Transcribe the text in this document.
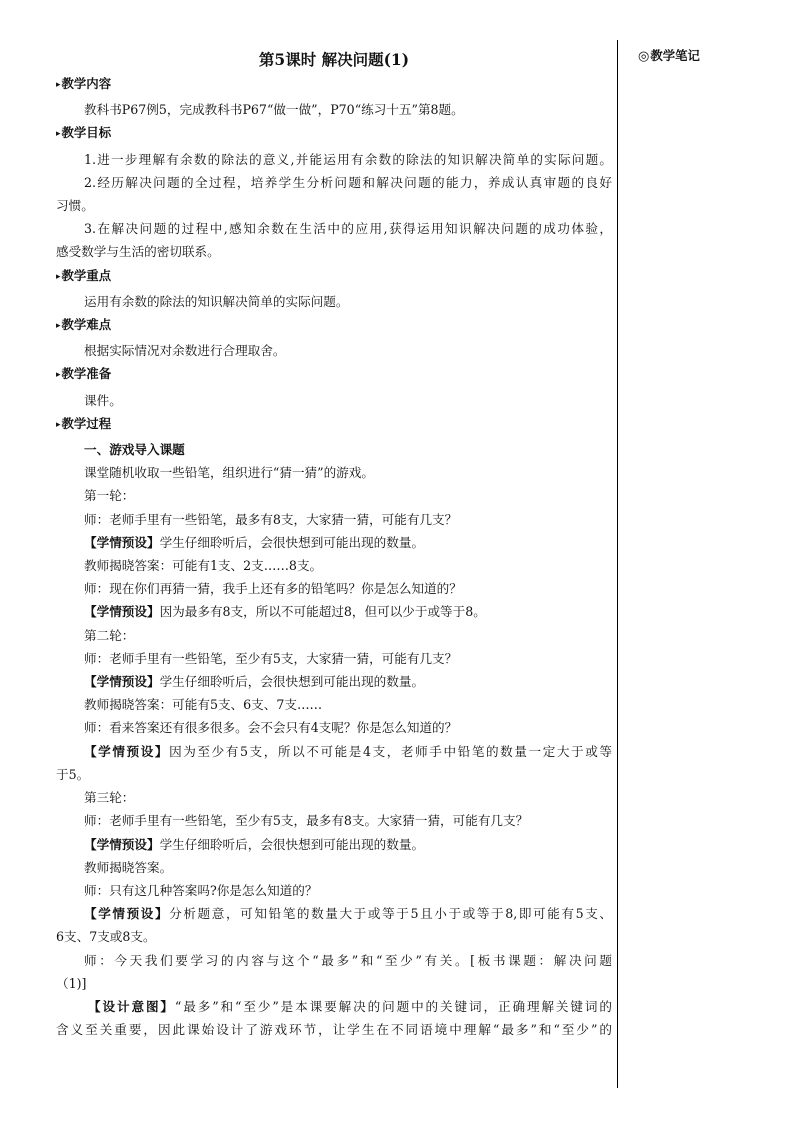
第5课时 解决问题(1)
▸教学内容
教科书P67例5，完成教科书P67“做一做”，P70“练习十五”第8题。
▸教学目标
1.进一步理解有余数的除法的意义,并能运用有余数的除法的知识解决简单的实际问题。
2.经历解决问题的全过程，培养学生分析问题和解决问题的能力，养成认真审题的良好
习惯。
3.在解决问题的过程中,感知余数在生活中的应用,获得运用知识解决问题的成功体验，
感受数学与生活的密切联系。
▸教学重点
运用有余数的除法的知识解决简单的实际问题。
▸教学难点
根据实际情况对余数进行合理取舍。
▸教学准备
课件。
▸教学过程
一、游戏导入课题
课堂随机收取一些铅笔，组织进行“猜一猜”的游戏。
第一轮：
师：老师手里有一些铅笔，最多有8支，大家猜一猜，可能有几支？
【学情预设】学生仔细聆听后，会很快想到可能出现的数量。
教师揭晓答案：可能有1支、2支……8支。
师：现在你们再猜一猜，我手上还有多的铅笔吗？你是怎么知道的？
【学情预设】因为最多有8支，所以不可能超过8，但可以少于或等于8。
第二轮：
师：老师手里有一些铅笔，至少有5支，大家猜一猜，可能有几支？
【学情预设】学生仔细聆听后，会很快想到可能出现的数量。
教师揭晓答案：可能有5支、6支、7支……
师：看来答案还有很多很多。会不会只有4支呢？你是怎么知道的？
【学情预设】因为至少有5支，所以不可能是4支，老师手中铅笔的数量一定大于或等
于5。
第三轮：
师：老师手里有一些铅笔，至少有5支，最多有8支。大家猜一猜，可能有几支？
【学情预设】学生仔细聆听后，会很快想到可能出现的数量。
教师揭晓答案。
师：只有这几种答案吗?你是怎么知道的？
【学情预设】分析题意，可知铅笔的数量大于或等于5且小于或等于8,即可能有5支、
6支、7支或8支。
师：今天我们要学习的内容与这个“最多”和“至少”有关。[板书课题：解决问题
（1)]
【设计意图】“最多”和“至少”是本课要解决的问题中的关键词，正确理解关键词的
含义至关重要，因此课始设计了游戏环节，让学生在不同语境中理解“最多”和“至少”的
◎教学笔记
